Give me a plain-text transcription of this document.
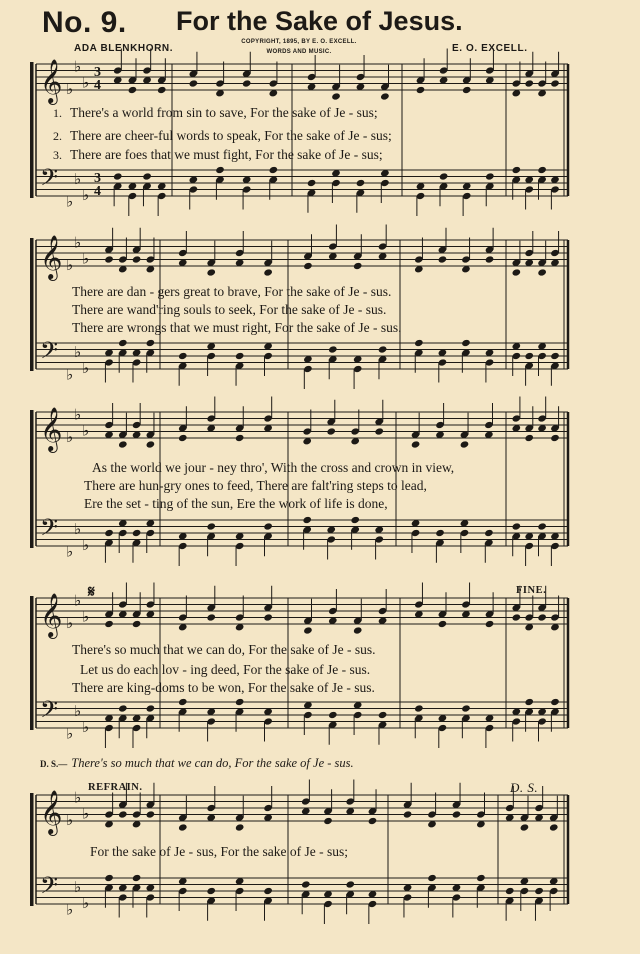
No. 9. For the Sake of Jesus.
ADA BLENKHORN.
COPYRIGHT, 1895, BY E. O. EXCELL.
WORDS AND MUSIC.	E. O. EXCELL.
𝄞
𝄢
♭
♭
♭
♭
♭
♭
3
3
4
4
𝄞
𝄢
♭
♭
♭
♭
♭
♭
𝄞
𝄢
♭
♭
♭
♭
♭
♭
𝄞
𝄢
♭
♭
♭
♭
♭
♭
𝄞
𝄢
♭
♭
♭
♭
♭
♭
1. There's a world from sin to save, For the sake of Je - sus;
2. There are cheer-ful words to speak, For the sake of Je - sus;
3. There are foes that we must fight, For the sake of Je - sus;
There are dan - gers great to brave, For the sake of Je - sus.
There are wand'ring souls to seek, For the sake of Je - sus.
There are wrongs that we must right, For the sake of Je - sus.
As the world we jour - ney thro', With the cross and crown in view,
There are hun-gry ones to feed, There are falt'ring steps to lead,
Ere the set - ting of the sun, Ere the work of life is done,
𝄋	FINE.
There's so much that we can do, For the sake of Je - sus.
Let us do each lov - ing deed, For the sake of Je - sus.
There are king-doms to be won, For the sake of Je - sus.
D. S.— There's so much that we can do, For the sake of Je - sus.
REFRAIN.	D. S.
For the sake of Je - sus, For the sake of Je - sus;
